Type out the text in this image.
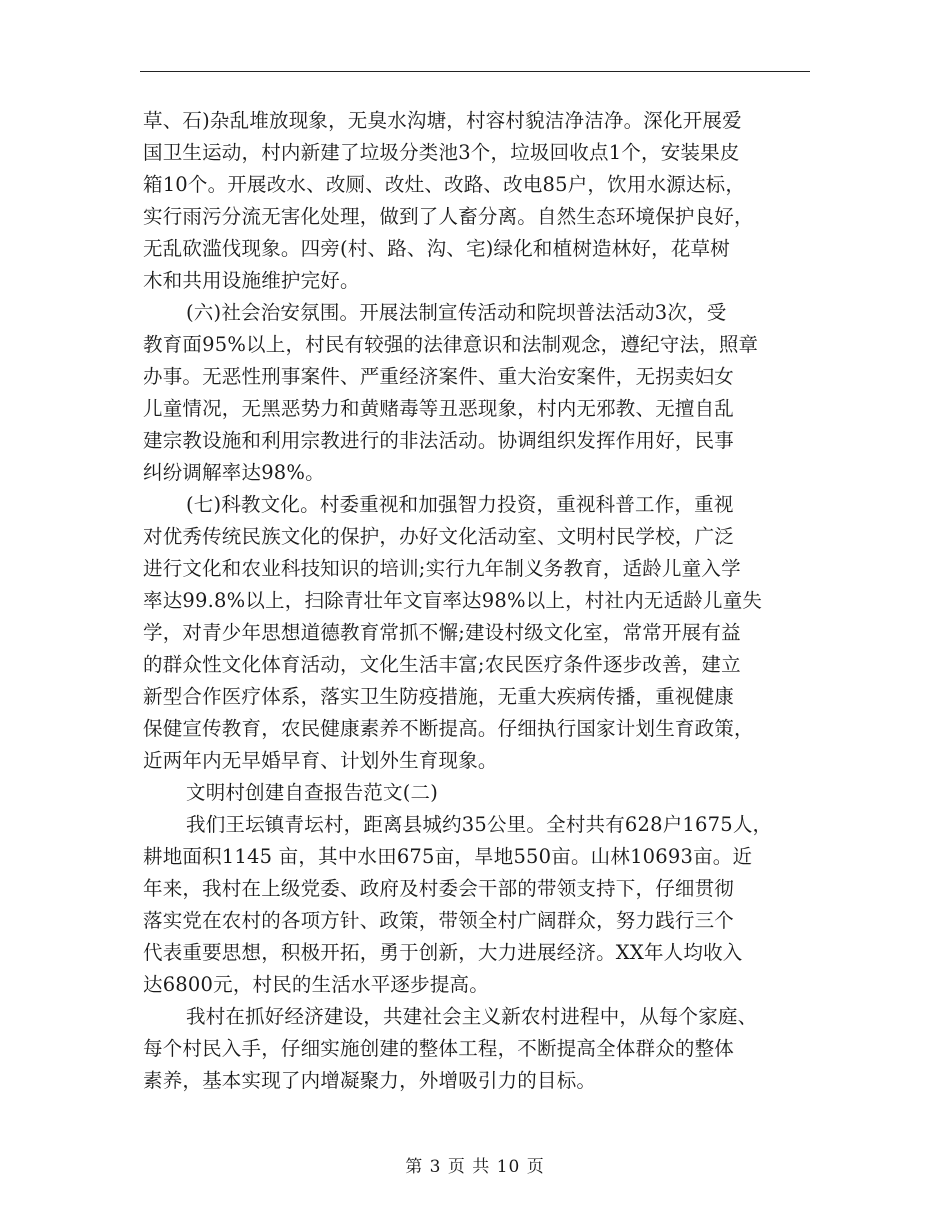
草、石)杂乱堆放现象，无臭水沟塘，村容村貌洁净洁净。深化开展爱
国卫生运动，村内新建了垃圾分类池3个，垃圾回收点1个，安装果皮
箱10个。开展改水、改厕、改灶、改路、改电85户，饮用水源达标，
实行雨污分流无害化处理，做到了人畜分离。自然生态环境保护良好，
无乱砍滥伐现象。四旁(村、路、沟、宅)绿化和植树造林好，花草树
木和共用设施维护完好。
(六)社会治安氛围。开展法制宣传活动和院坝普法活动3次，受
教育面95%以上，村民有较强的法律意识和法制观念，遵纪守法，照章
办事。无恶性刑事案件、严重经济案件、重大治安案件，无拐卖妇女
儿童情况，无黑恶势力和黄赌毒等丑恶现象，村内无邪教、无擅自乱
建宗教设施和利用宗教进行的非法活动。协调组织发挥作用好，民事
纠纷调解率达98%。
(七)科教文化。村委重视和加强智力投资，重视科普工作，重视
对优秀传统民族文化的保护，办好文化活动室、文明村民学校，广泛
进行文化和农业科技知识的培训;实行九年制义务教育，适龄儿童入学
率达99.8%以上，扫除青壮年文盲率达98%以上，村社内无适龄儿童失
学，对青少年思想道德教育常抓不懈;建设村级文化室，常常开展有益
的群众性文化体育活动，文化生活丰富;农民医疗条件逐步改善，建立
新型合作医疗体系，落实卫生防疫措施，无重大疾病传播，重视健康
保健宣传教育，农民健康素养不断提高。仔细执行国家计划生育政策，
近两年内无早婚早育、计划外生育现象。
文明村创建自查报告范文(二)
我们王坛镇青坛村，距离县城约35公里。全村共有628户1675人，
耕地面积1145 亩，其中水田675亩，旱地550亩。山林10693亩。近
年来，我村在上级党委、政府及村委会干部的带领支持下，仔细贯彻
落实党在农村的各项方针、政策，带领全村广阔群众，努力践行三个
代表重要思想，积极开拓，勇于创新，大力进展经济。XX年人均收入
达6800元，村民的生活水平逐步提高。
我村在抓好经济建设，共建社会主义新农村进程中，从每个家庭、
每个村民入手，仔细实施创建的整体工程，不断提高全体群众的整体
素养，基本实现了内增凝聚力，外增吸引力的目标。
第 3 页 共 10 页
